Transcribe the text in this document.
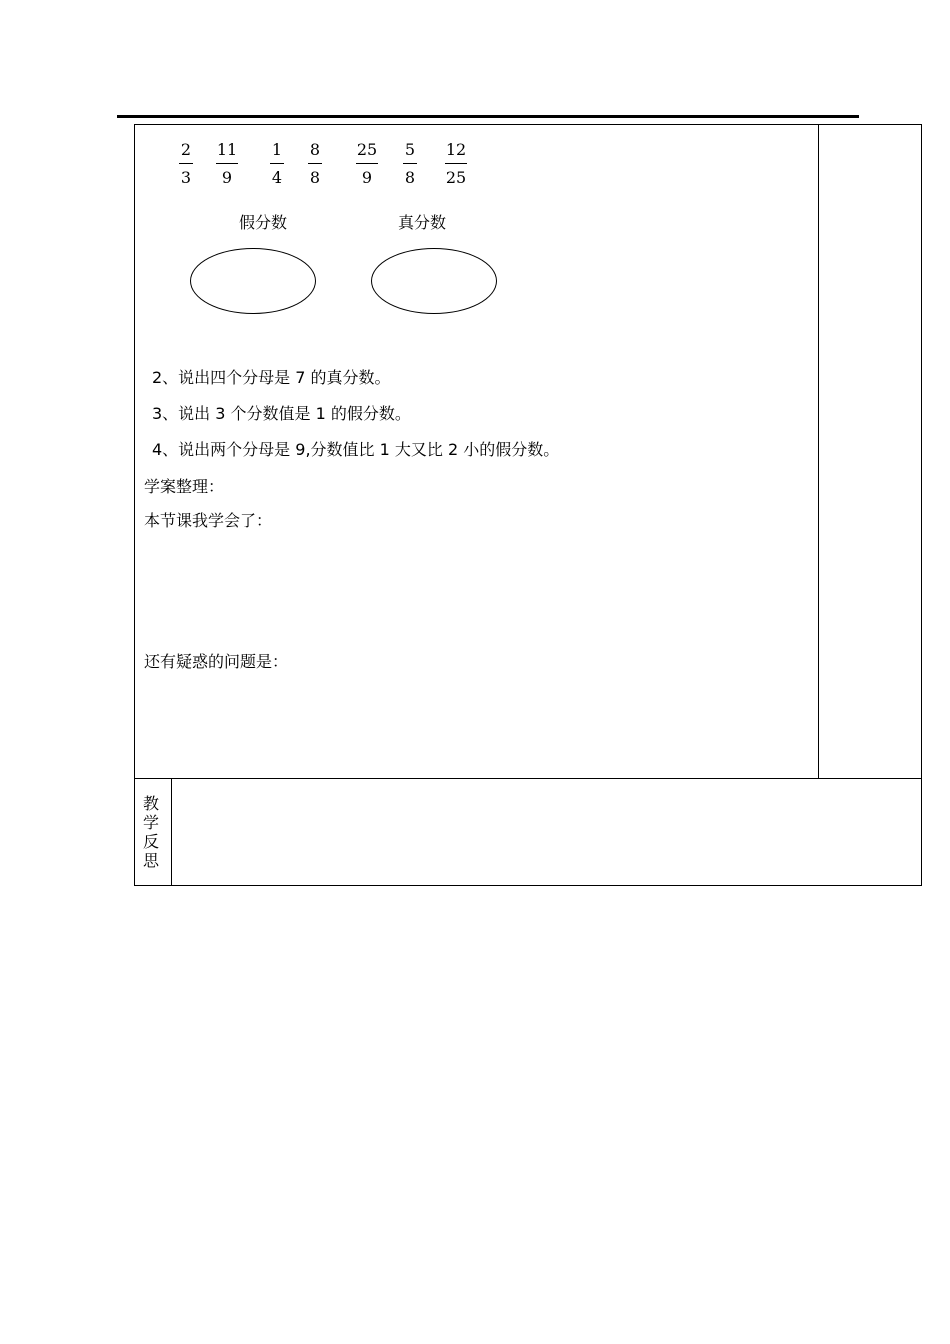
2
3
11
9
1
4
8
8
25
9
5
8
12
25
假分数	真分数
2、说出四个分母是 7 的真分数。
3、说出 3 个分数值是 1 的假分数。
4、说出两个分母是 9,分数值比 1 大又比 2 小的假分数。
学案整理：
本节课我学会了：
还有疑惑的问题是：
教
学
反
思
